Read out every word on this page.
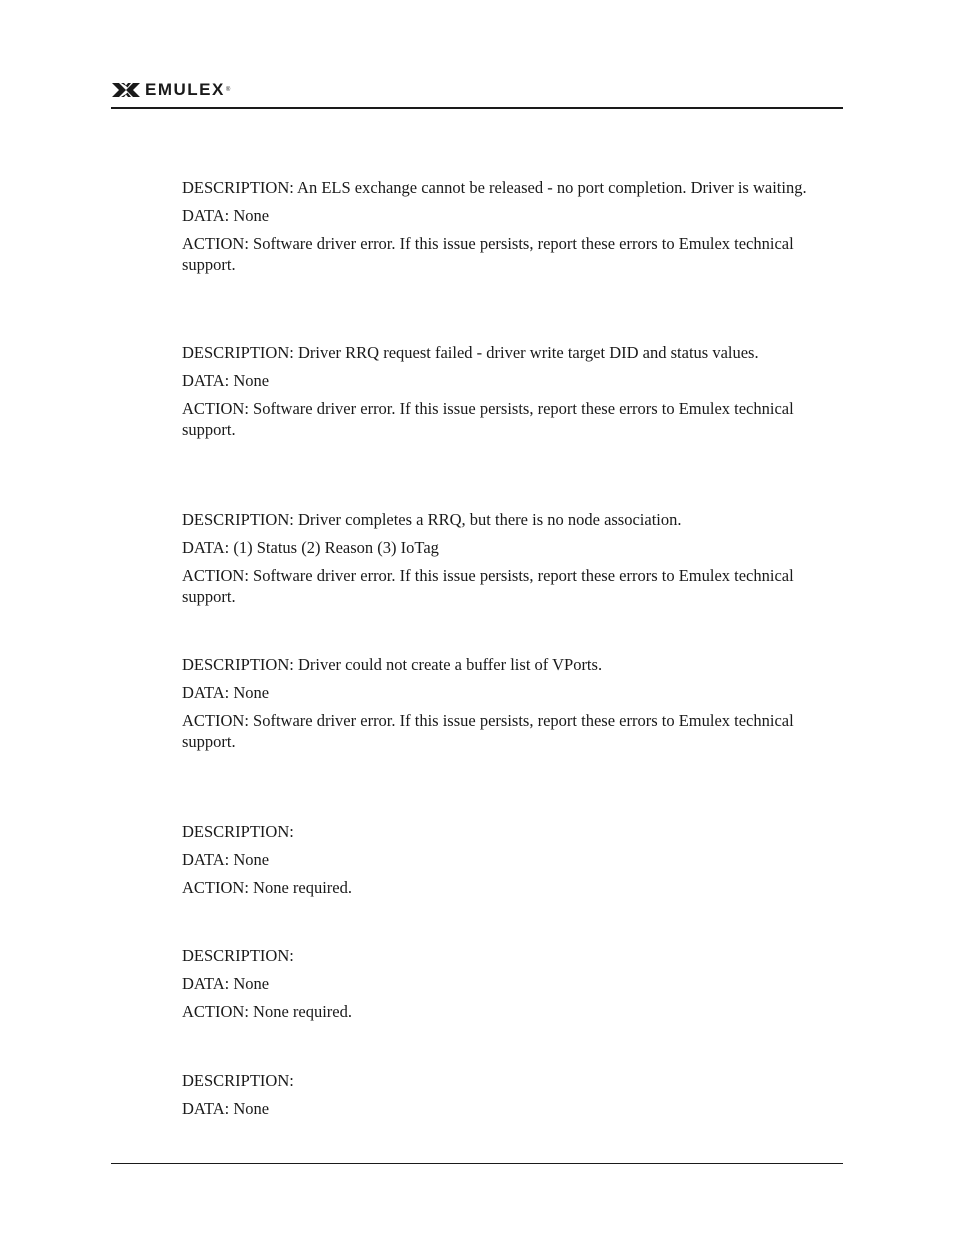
EMULEX ®

DESCRIPTION: An ELS exchange cannot be released - no port completion. Driver is waiting.

DATA: None

ACTION: Software driver error. If this issue persists, report these errors to Emulex technical support.

DESCRIPTION: Driver RRQ request failed - driver write target DID and status values.

DATA: None

ACTION: Software driver error. If this issue persists, report these errors to Emulex technical support.

DESCRIPTION: Driver completes a RRQ, but there is no node association.

DATA: (1) Status (2) Reason (3) IoTag

ACTION: Software driver error. If this issue persists, report these errors to Emulex technical support.

DESCRIPTION: Driver could not create a buffer list of VPorts.

DATA: None

ACTION: Software driver error. If this issue persists, report these errors to Emulex technical support.

DESCRIPTION:

DATA: None

ACTION: None required.

DESCRIPTION:

DATA: None

ACTION: None required.

DESCRIPTION:

DATA: None
